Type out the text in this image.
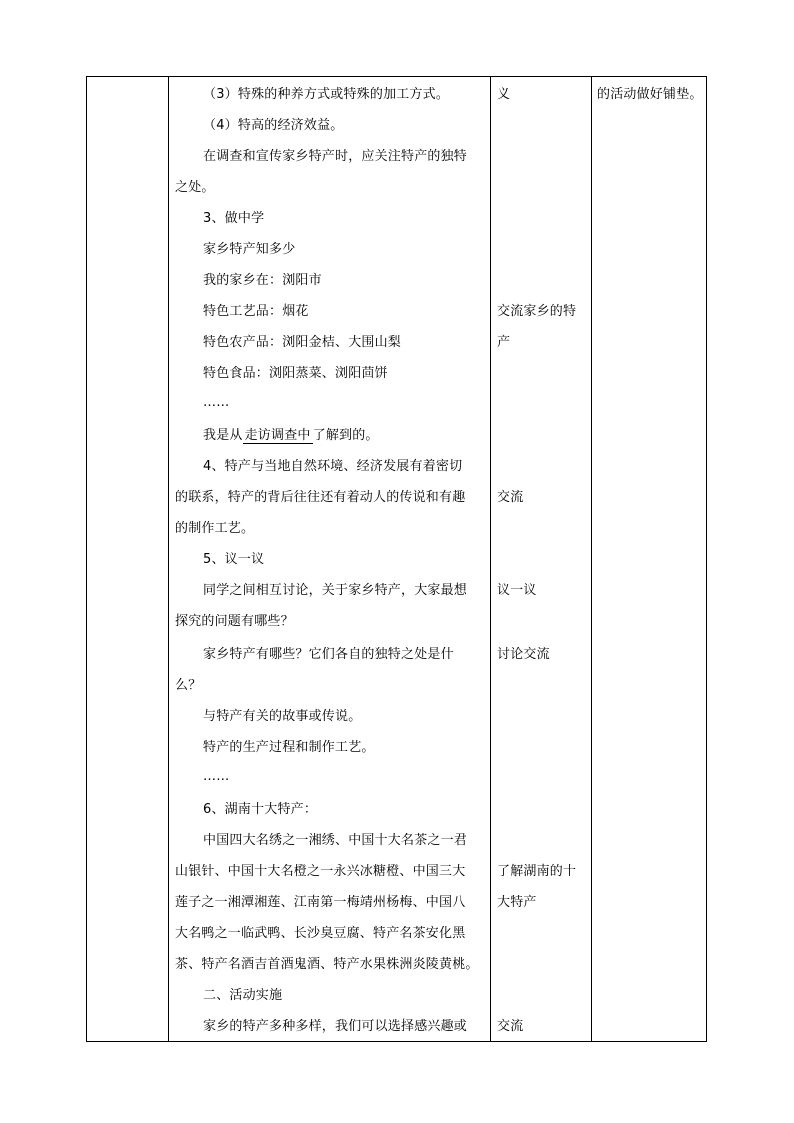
（3）特殊的种养方式或特殊的加工方式。
（4）特高的经济效益。
在调查和宣传家乡特产时，应关注特产的独特
之处。
3、做中学
家乡特产知多少
我的家乡在：浏阳市
特色工艺品：烟花
特色农产品：浏阳金桔、大围山梨
特色食品：浏阳蒸菜、浏阳茴饼
……
我是从 走访调查中 了解到的。
4、特产与当地自然环境、经济发展有着密切
的联系，特产的背后往往还有着动人的传说和有趣
的制作工艺。
5、议一议
同学之间相互讨论，关于家乡特产，大家最想
探究的问题有哪些？
家乡特产有哪些？它们各自的独特之处是什
么？
与特产有关的故事或传说。
特产的生产过程和制作工艺。
……
6、湖南十大特产：
中国四大名绣之一湘绣、中国十大名茶之一君
山银针、中国十大名橙之一永兴冰糖橙、中国三大
莲子之一湘潭湘莲、江南第一梅靖州杨梅、中国八
大名鸭之一临武鸭、长沙臭豆腐、特产名茶安化黑
茶、特产名酒吉首酒鬼酒、特产水果株洲炎陵黄桃。
二、活动实施
家乡的特产多种多样，我们可以选择感兴趣或
义
交流家乡的特
产
交流
议一议
讨论交流
了解湖南的十
大特产
交流
的活动做好铺垫。
